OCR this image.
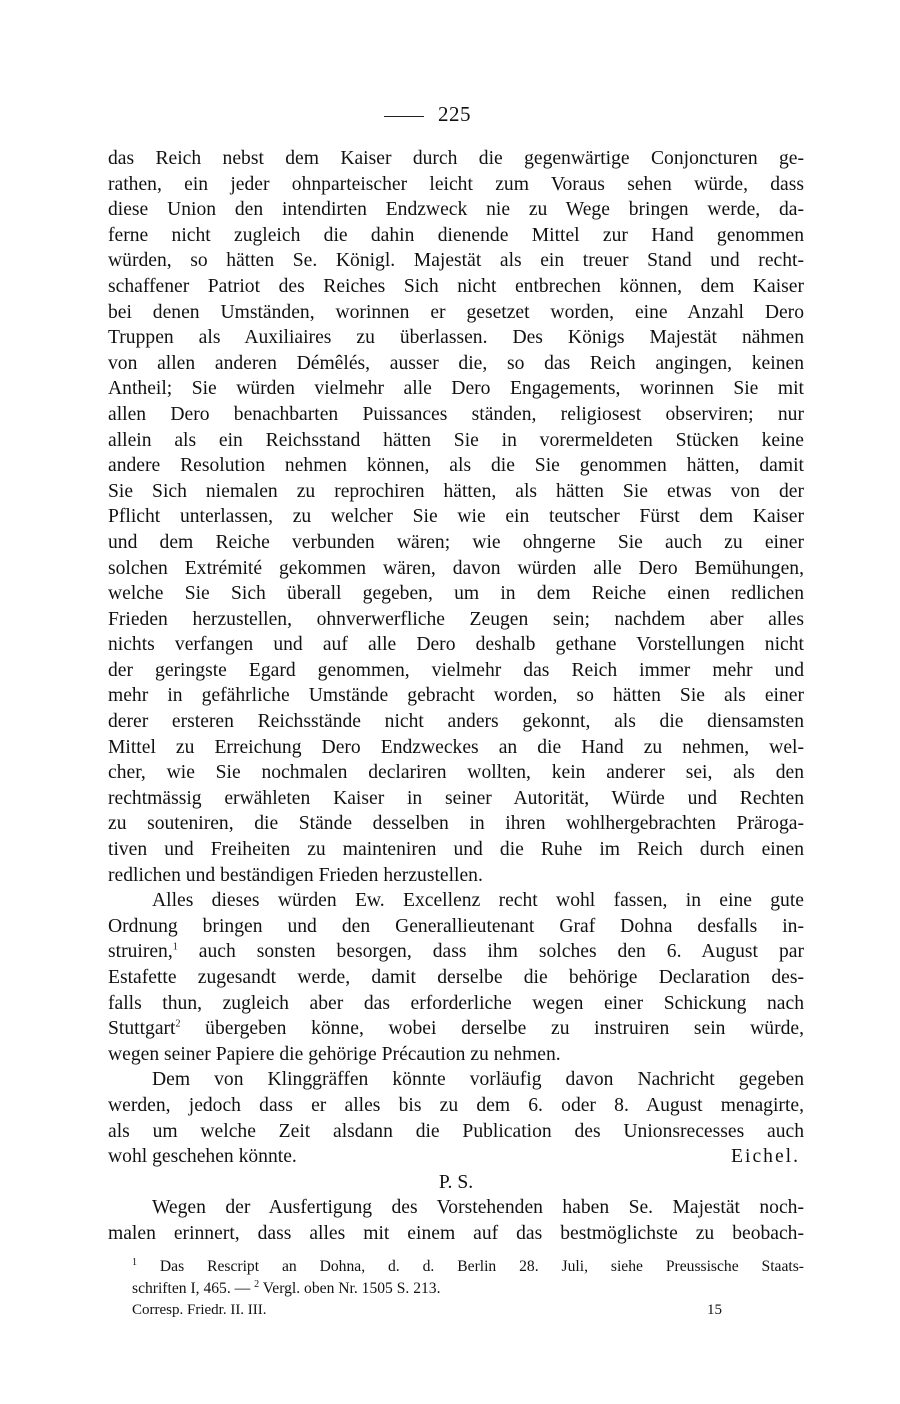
225
das Reich nebst dem Kaiser durch die gegenwärtige Conjoncturen ge-
rathen, ein jeder ohnparteischer leicht zum Voraus sehen würde, dass
diese Union den intendirten Endzweck nie zu Wege bringen werde, da-
ferne nicht zugleich die dahin dienende Mittel zur Hand genommen
würden, so hätten Se. Königl. Majestät als ein treuer Stand und recht-
schaffener Patriot des Reiches Sich nicht entbrechen können, dem Kaiser
bei denen Umständen, worinnen er gesetzet worden, eine Anzahl Dero
Truppen als Auxiliaires zu überlassen. Des Königs Majestät nähmen
von allen anderen Démêlés, ausser die, so das Reich angingen, keinen
Antheil; Sie würden vielmehr alle Dero Engagements, worinnen Sie mit
allen Dero benachbarten Puissances ständen, religiosest observiren; nur
allein als ein Reichsstand hätten Sie in vorermeldeten Stücken keine
andere Resolution nehmen können, als die Sie genommen hätten, damit
Sie Sich niemalen zu reprochiren hätten, als hätten Sie etwas von der
Pflicht unterlassen, zu welcher Sie wie ein teutscher Fürst dem Kaiser
und dem Reiche verbunden wären; wie ohngerne Sie auch zu einer
solchen Extrémité gekommen wären, davon würden alle Dero Bemühungen,
welche Sie Sich überall gegeben, um in dem Reiche einen redlichen
Frieden herzustellen, ohnverwerfliche Zeugen sein; nachdem aber alles
nichts verfangen und auf alle Dero deshalb gethane Vorstellungen nicht
der geringste Egard genommen, vielmehr das Reich immer mehr und
mehr in gefährliche Umstände gebracht worden, so hätten Sie als einer
derer ersteren Reichsstände nicht anders gekonnt, als die diensamsten
Mittel zu Erreichung Dero Endzweckes an die Hand zu nehmen, wel-
cher, wie Sie nochmalen declariren wollten, kein anderer sei, als den
rechtmässig erwähleten Kaiser in seiner Autorität, Würde und Rechten
zu souteniren, die Stände desselben in ihren wohlhergebrachten Präroga-
tiven und Freiheiten zu mainteniren und die Ruhe im Reich durch einen
redlichen und beständigen Frieden herzustellen.
Alles dieses würden Ew. Excellenz recht wohl fassen, in eine gute
Ordnung bringen und den Generallieutenant Graf Dohna desfalls in-
struiren,$^1$ auch sonsten besorgen, dass ihm solches den 6. August par
Estafette zugesandt werde, damit derselbe die behörige Declaration des-
falls thun, zugleich aber das erforderliche wegen einer Schickung nach
Stuttgart$^2$ übergeben könne, wobei derselbe zu instruiren sein würde,
wegen seiner Papiere die gehörige Précaution zu nehmen.
Dem von Klinggräffen könnte vorläufig davon Nachricht gegeben
werden, jedoch dass er alles bis zu dem 6. oder 8. August menagirte,
als um welche Zeit alsdann die Publication des Unionsrecesses auch
wohl geschehen könnte.	Eichel.
P. S.
Wegen der Ausfertigung des Vorstehenden haben Se. Majestät noch-
malen erinnert, dass alles mit einem auf das bestmöglichste zu beobach-
$^1$ Das Rescript an Dohna, d. d. Berlin 28. Juli, siehe Preussische Staats-
schriften I, 465. — $^2$ Vergl. oben Nr. 1505 S. 213.
Corresp. Friedr. II. III.	15
